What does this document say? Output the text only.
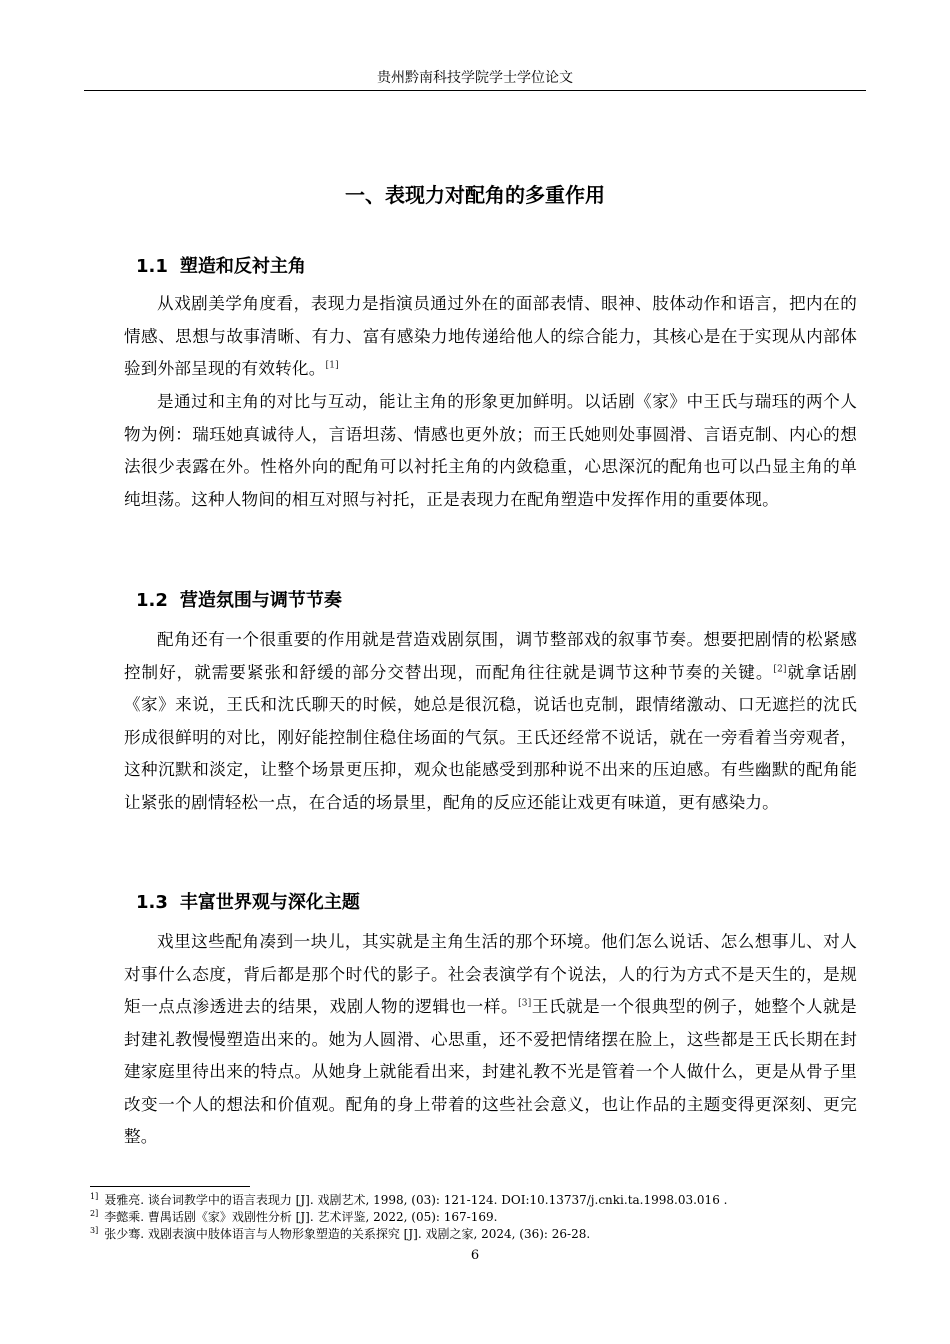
贵州黔南科技学院学士学位论文
一、表现力对配角的多重作用
1.1 塑造和反衬主角

从戏剧美学角度看，表现力是指演员通过外在的面部表情、眼神、肢体动作和语言，把内在的情感、思想与故事清晰、有力、富有感染力地传递给他人的综合能力，其核心是在于实现从内部体验到外部呈现的有效转化。[1]

是通过和主角的对比与互动，能让主角的形象更加鲜明。以话剧《家》中王氏与瑞珏的两个人物为例：瑞珏她真诚待人，言语坦荡、情感也更外放；而王氏她则处事圆滑、言语克制、内心的想法很少表露在外。性格外向的配角可以衬托主角的内敛稳重，心思深沉的配角也可以凸显主角的单纯坦荡。这种人物间的相互对照与衬托，正是表现力在配角塑造中发挥作用的重要体现。

1.2 营造氛围与调节节奏

配角还有一个很重要的作用就是营造戏剧氛围，调节整部戏的叙事节奏。想要把剧情的松紧感控制好，就需要紧张和舒缓的部分交替出现，而配角往往就是调节这种节奏的关键。[2]就拿话剧《家》来说，王氏和沈氏聊天的时候，她总是很沉稳，说话也克制，跟情绪激动、口无遮拦的沈氏形成很鲜明的对比，刚好能控制住稳住场面的气氛。王氏还经常不说话，就在一旁看着当旁观者，这种沉默和淡定，让整个场景更压抑，观众也能感受到那种说不出来的压迫感。有些幽默的配角能让紧张的剧情轻松一点，在合适的场景里，配角的反应还能让戏更有味道，更有感染力。

1.3 丰富世界观与深化主题

戏里这些配角凑到一块儿，其实就是主角生活的那个环境。他们怎么说话、怎么想事儿、对人对事什么态度，背后都是那个时代的影子。社会表演学有个说法，人的行为方式不是天生的，是规矩一点点渗透进去的结果，戏剧人物的逻辑也一样。[3]王氏就是一个很典型的例子，她整个人就是封建礼教慢慢塑造出来的。她为人圆滑、心思重，还不爱把情绪摆在脸上，这些都是王氏长期在封建家庭里待出来的特点。从她身上就能看出来，封建礼教不光是管着一个人做什么，更是从骨子里改变一个人的想法和价值观。配角的身上带着的这些社会意义，也让作品的主题变得更深刻、更完整。

$^{1]}$ 聂雅亮. 谈台词教学中的语言表现力 [J]. 戏剧艺术, 1998, (03): 121-124. DOI:10.13737/j.cnki.ta.1998.03.016 .
$^{2]}$ 李懿乘. 曹禺话剧《家》戏剧性分析 [J]. 艺术评鉴, 2022, (05): 167-169.
$^{3]}$ 张少骞. 戏剧表演中肢体语言与人物形象塑造的关系探究 [J]. 戏剧之家, 2024, (36): 26-28.
6
